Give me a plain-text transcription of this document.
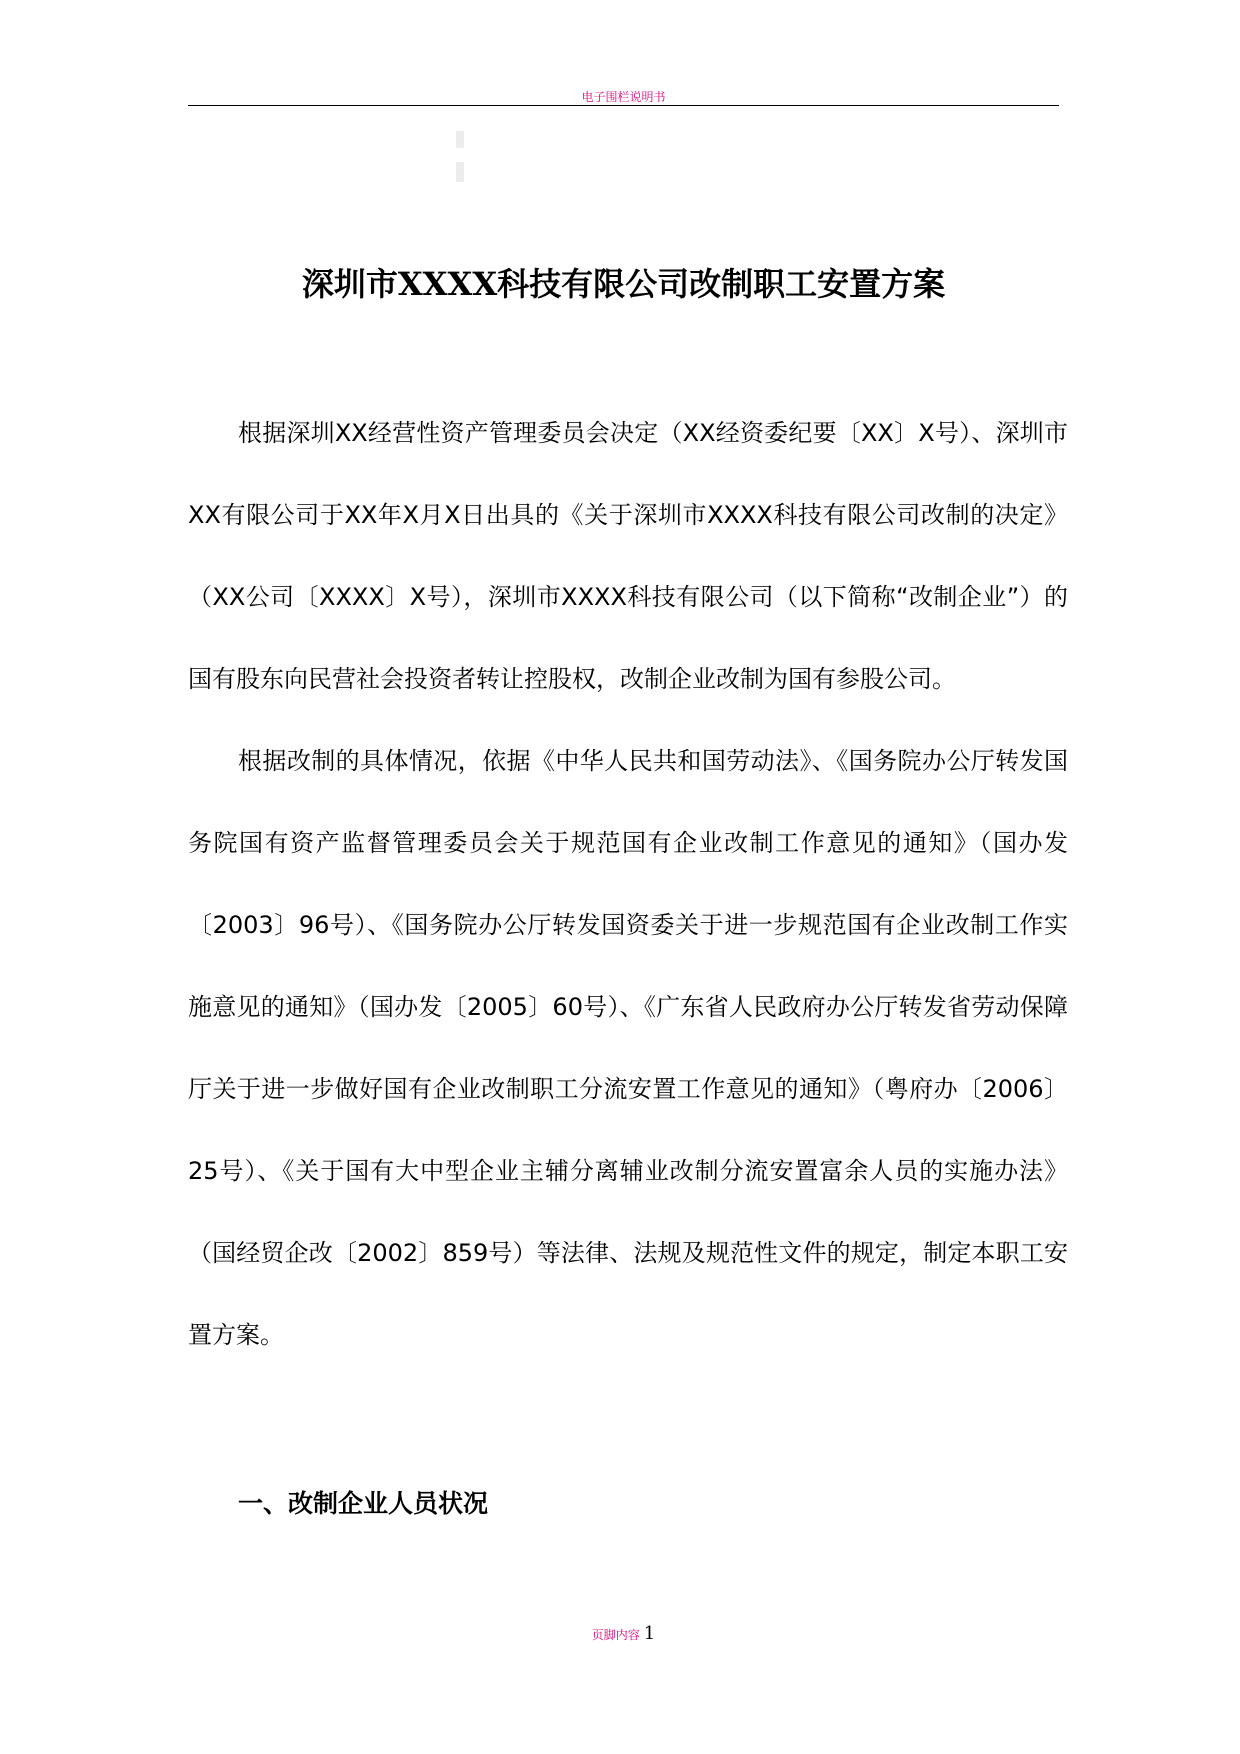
电子围栏说明书
深圳市XXXX科技有限公司改制职工安置方案

根据深圳XX经营性资产管理委员会决定（XX经资委纪要〔XX〕X号）、深圳市XX有限公司于XX年X月X日出具的《关于深圳市XXXX科技有限公司改制的决定》（XX公司〔XXXX〕X号），深圳市XXXX科技有限公司（以下简称“改制企业”）的国有股东向民营社会投资者转让控股权，改制企业改制为国有参股公司。

根据改制的具体情况，依据《中华人民共和国劳动法》、《国务院办公厅转发国务院国有资产监督管理委员会关于规范国有企业改制工作意见的通知》（国办发〔2003〕96号）、《国务院办公厅转发国资委关于进一步规范国有企业改制工作实施意见的通知》（国办发〔2005〕60号）、《广东省人民政府办公厅转发省劳动保障厅关于进一步做好国有企业改制职工分流安置工作意见的通知》（粤府办〔2006〕25号）、《关于国有大中型企业主辅分离辅业改制分流安置富余人员的实施办法》（国经贸企改〔2002〕859号）等法律、法规及规范性文件的规定，制定本职工安置方案。

一、改制企业人员状况
页脚内容 1
